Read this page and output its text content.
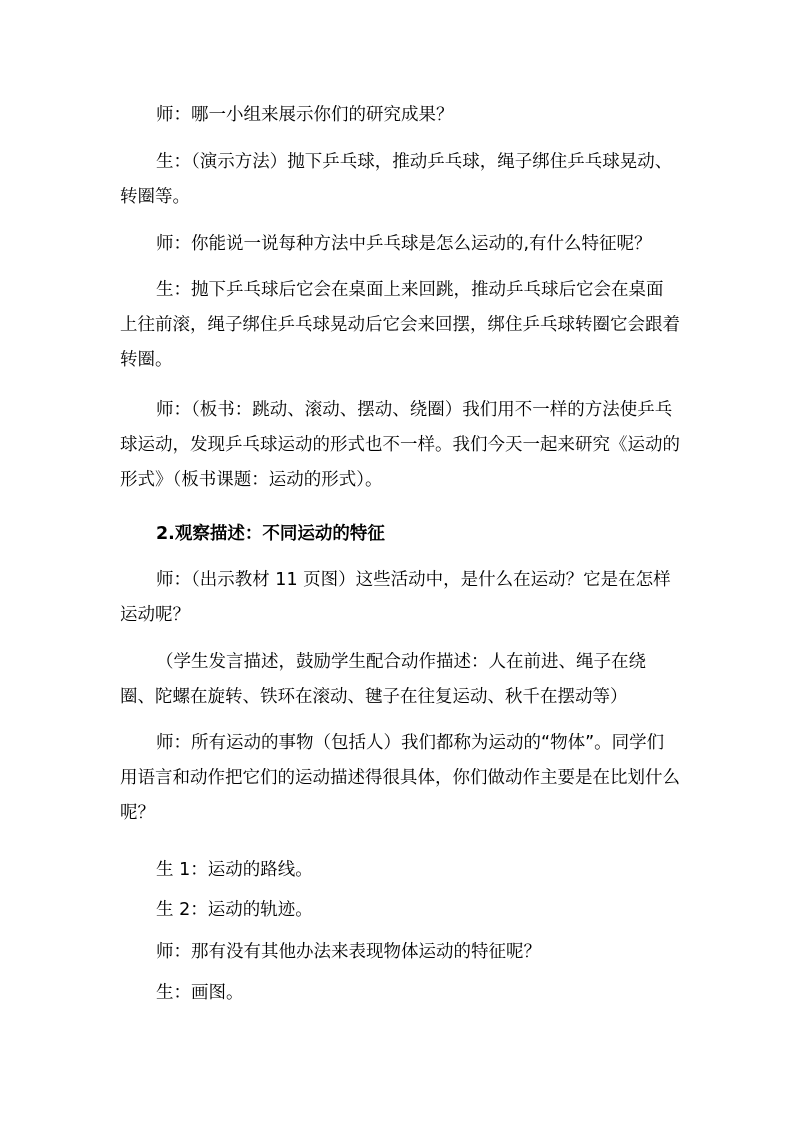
师：哪一小组来展示你们的研究成果？

生：（演示方法）抛下乒乓球，推动乒乓球，绳子绑住乒乓球晃动、转圈等。

师：你能说一说每种方法中乒乓球是怎么运动的,有什么特征呢？

生：抛下乒乓球后它会在桌面上来回跳，推动乒乓球后它会在桌面上往前滚，绳子绑住乒乓球晃动后它会来回摆，绑住乒乓球转圈它会跟着转圈。

师：（板书：跳动、滚动、摆动、绕圈）我们用不一样的方法使乒乓球运动，发现乒乓球运动的形式也不一样。我们今天一起来研究《运动的形式》（板书课题：运动的形式）。

2.观察描述：不同运动的特征

师：（出示教材 11 页图）这些活动中，是什么在运动？它是在怎样运动呢？

（学生发言描述，鼓励学生配合动作描述：人在前进、绳子在绕圈、陀螺在旋转、铁环在滚动、毽子在往复运动、秋千在摆动等）

师：所有运动的事物（包括人）我们都称为运动的“物体”。同学们用语言和动作把它们的运动描述得很具体，你们做动作主要是在比划什么呢？

生 1：运动的路线。

生 2：运动的轨迹。

师：那有没有其他办法来表现物体运动的特征呢？

生：画图。
